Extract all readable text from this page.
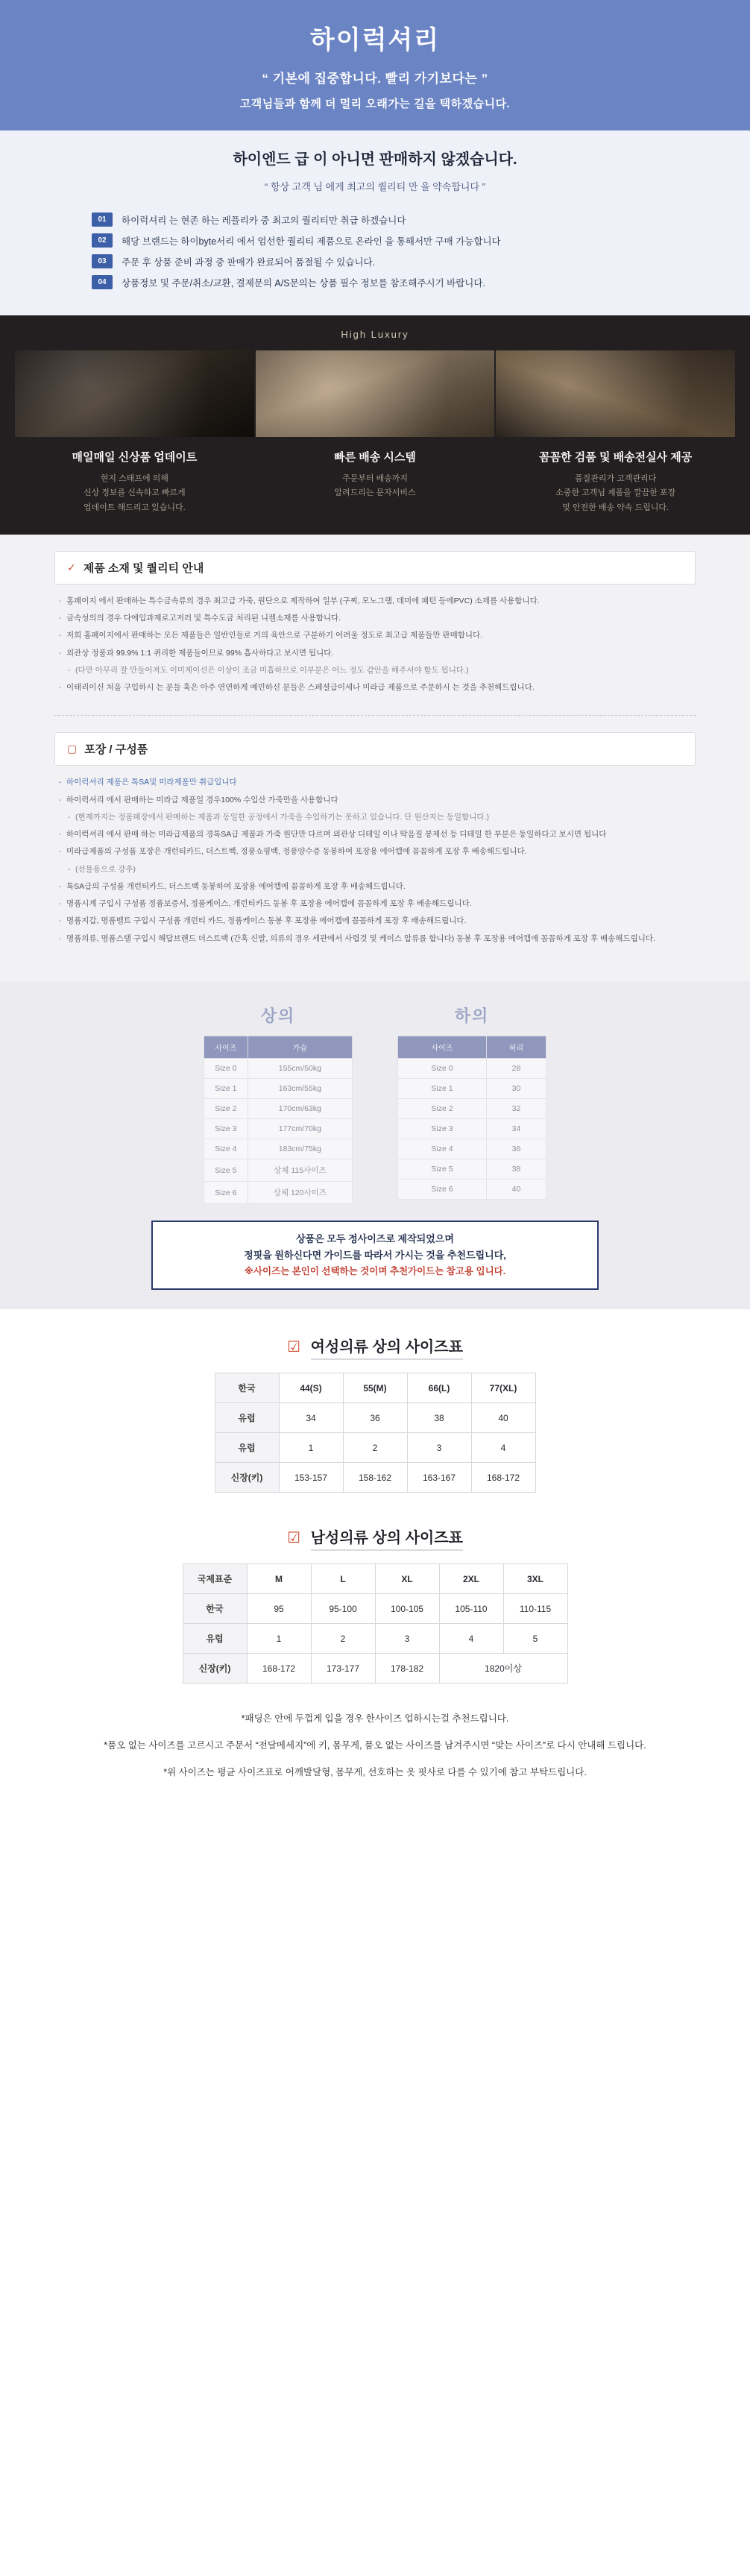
하이럭셔리
“ 기본에 집중합니다. 빨리 가기보다는 ”
고객님들과 함께 더 멀리 오래가는 길을 택하겠습니다.
하이엔드 급 이 아니면 판매하지 않겠습니다.
“ 항상 고객 님 에게 최고의 퀄리티 만 을 약속합니다 ”
01	하이럭셔리 는 현존 하는 레플리카 중 최고의 퀄리티만 취급 하겠습니다
02	해당 브랜드는 하이byte서리 에서 엄선한 퀄리티 제품으로 온라인 을 통해서만 구매 가능합니다
03	주문 후 상품 준비 과정 중 판매가 완료되어 품절될 수 있습니다.
04	상품정보 및 주문/취소/교환, 결제문의 A/S문의는 상품 필수 정보를 참조해주시기 바랍니다.
High Luxury
매일매일 신상품 업데이트
현지 스태프에 의해
신상 정보를 신속하고 빠르게
업데이트 해드리고 있습니다.
빠른 배송 시스템
주문부터 배송까지
알려드리는 문자서비스
꼼꼼한 검품 및 배송전실사 제공
품질관리가 고객관리다
소중한 고객님 제품을 깔끔한 포장
및 안전한 배송 약속 드립니다.
✓ 제품 소재 및 퀄리티 안내
- 홈페이지 에서 판매하는 특수금속류의 경우 최고급 가죽, 원단으로 제작하여 일부 (구찌, 모노그램, 데미에 패턴 등에PVC) 소재를 사용합니다.
- 금속성의의 경우 다에입과제로고저러 및 특수도금 처리된 니켈소재를 사용합니다.
- 저희 홈페이지에서 판매하는 모든 제품들은 일반인들로 거의 육안으로 구분하기 어려울 정도로 최고급 제품들만 판매합니다.
- 외관상 정품과 99.9% 1:1 퀴리한 제품들이므로 99% 흡사하다고 보시면 됩니다.
- (다만 아무리 잘 만들어져도 이미제이션은 이상이 조금 미흡하므로 이부분은 어느 정도 감안을 해주셔야 함도 됩니다.)
- 이태리이신 처음 구입하시 는 분들 혹은 아주 연연하게 예민하신 분들은 스페셜급이세나 미라급 제품으로 주문하시 는 것을 추천해드립니다.
▢ 포장 / 구성품
- 하이럭셔리 제품은 톡SA및 미라제품만 취급입니다
- 하이럭셔리 에서 판매하는 미라급 제품일 경우100% 수입산 가죽만을 사용합니다
- (현재까지는 정품패장에서 판매하는 제품과 동일한 공정에서 가죽을 수입하기는 못하고 있습니다. 단 원산지는 동일합니다.)
- 하이럭셔리 에서 판매 하는 미라급제품의 경톡SA급 제품과 가죽 원단만 다르며 외관상 디테일 이나 딱음질 봉제선 등 디테일 한 부분은 동일하다고 보시면 됩니다
- 미라급제품의 구성품 포장은 개런티카드, 더스트백, 정풍쇼핑백, 정풍양수증 동봉하여 포장용 에어캡에 꼼꼼하게 포장 후 배송해드립니다.
- (선물용으로 강추)
- 톡SA급의 구성품 개런티카드, 더스트백 동봉하여 포장용 에어캡에 꼼꼼하게 포장 후 배송해드립니다.
- 명품시계 구입시 구성품 정품보증서, 정품케이스, 개런티카드 동봉 후 포장용 에어캡에 꼼꼼하게 포장 후 배송해드립니다.
- 명품지갑, 명품벨트 구입시 구성품 개런티 카드, 정품케이스 동봉 후 포장용 에어캡에 꼼꼼하게 포장 후 배송해드립니다.
- 명품의류, 명품스탤 구입시 해답브랜드 더스트백 (간혹 신발, 의류의 경우 세관에서 사렵것 및 케이스 압류를 합니다) 동봉 후 포장용 에어캡에 꼼꼼하게 포장 후 배송해드립니다.
상의
사이즈	가슴
Size 0	155cm/50kg
Size 1	163cm/55kg
Size 2	170cm/63kg
Size 3	177cm/70kg
Size 4	183cm/75kg
Size 5	상체 115사이즈
Size 6	상체 120사이즈
하의
사이즈	허리
Size 0	28
Size 1	30
Size 2	32
Size 3	34
Size 4	36
Size 5	38
Size 6	40
상품은 모두 정사이즈로 제작되었으며
정핏을 원하신다면 가이드를 따라서 가시는 것을 추천드립니다,
※사이즈는 본인이 선택하는 것이며 추천가이드는 참고용 입니다.
☑ 여성의류 상의 사이즈표
한국	44(S)	55(M)	66(L)	77(XL)
유럽	34	36	38	40
유럽	1	2	3	4
신장(키)	153-157	158-162	163-167	168-172
☑ 남성의류 상의 사이즈표
국제표준	M	L	XL	2XL	3XL
한국	95	95-100	100-105	105-110	110-115
유럽	1	2	3	4	5
신장(키)	168-172	173-177	178-182	1820이상	
*패딩은 안에 두껍게 입을 경우 한사이즈 업하시는걸 추천드립니다.
*품오 없는 사이즈를 고르시고 주문서 “전달메세지”에 키, 몸무게, 품오 없는 사이즈를 남겨주시면 “맞는 사이즈”로 다시 안내해 드립니다.
*위 사이즈는 평균 사이즈표로 어깨발달형, 몸무게, 선호하는 옷 핏사로 다를 수 있기에 참고 부탁드립니다.
